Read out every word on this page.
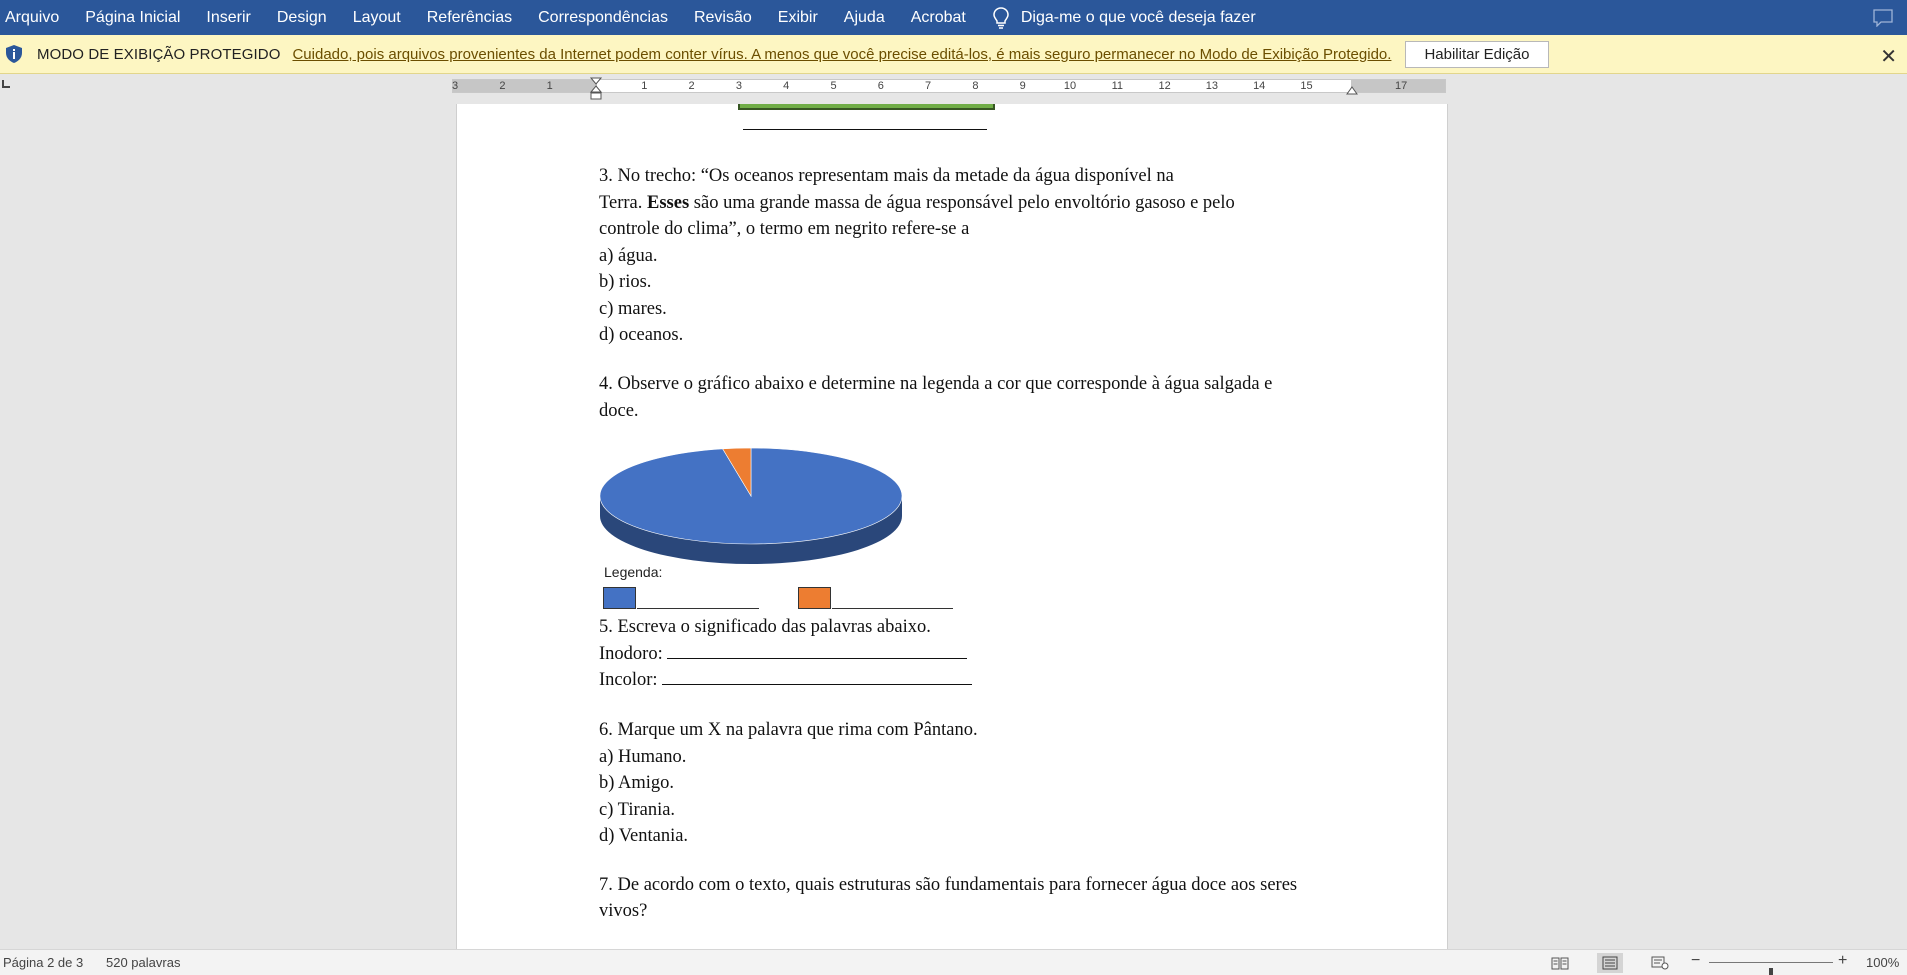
Arquivo	Página Inicial	Inserir	Design	Layout	Referências	Correspondências	Revisão	Exibir	Ajuda	Acrobat	Diga-me o que você deseja fazer
MODO DE EXIBIÇÃO PROTEGIDO Cuidado, pois arquivos provenientes da Internet podem conter vírus. A menos que você precise editá-los, é mais seguro permanecer no Modo de Exibição Protegido.	Habilitar Edição	✕
3	2	1	1	2	3	4	5	6	7	8	9	10	11	12	13	14	15	17
3. No trecho: “Os oceanos representam mais da metade da água disponível na
Terra. Esses são uma grande massa de água responsável pelo envoltório gasoso e pelo
controle do clima”, o termo em negrito refere-se a
a) água.
b) rios.
c) mares.
d) oceanos.
4. Observe o gráfico abaixo e determine na legenda a cor que corresponde à água salgada e
doce.
Legenda:
5. Escreva o significado das palavras abaixo.
Inodoro:
Incolor:
6. Marque um X na palavra que rima com Pântano.
a) Humano.
b) Amigo.
c) Tirania.
d) Ventania.
7. De acordo com o texto, quais estruturas são fundamentais para fornecer água doce aos seres
vivos?
Página 2 de 3 520 palavras	−	+ 100%
